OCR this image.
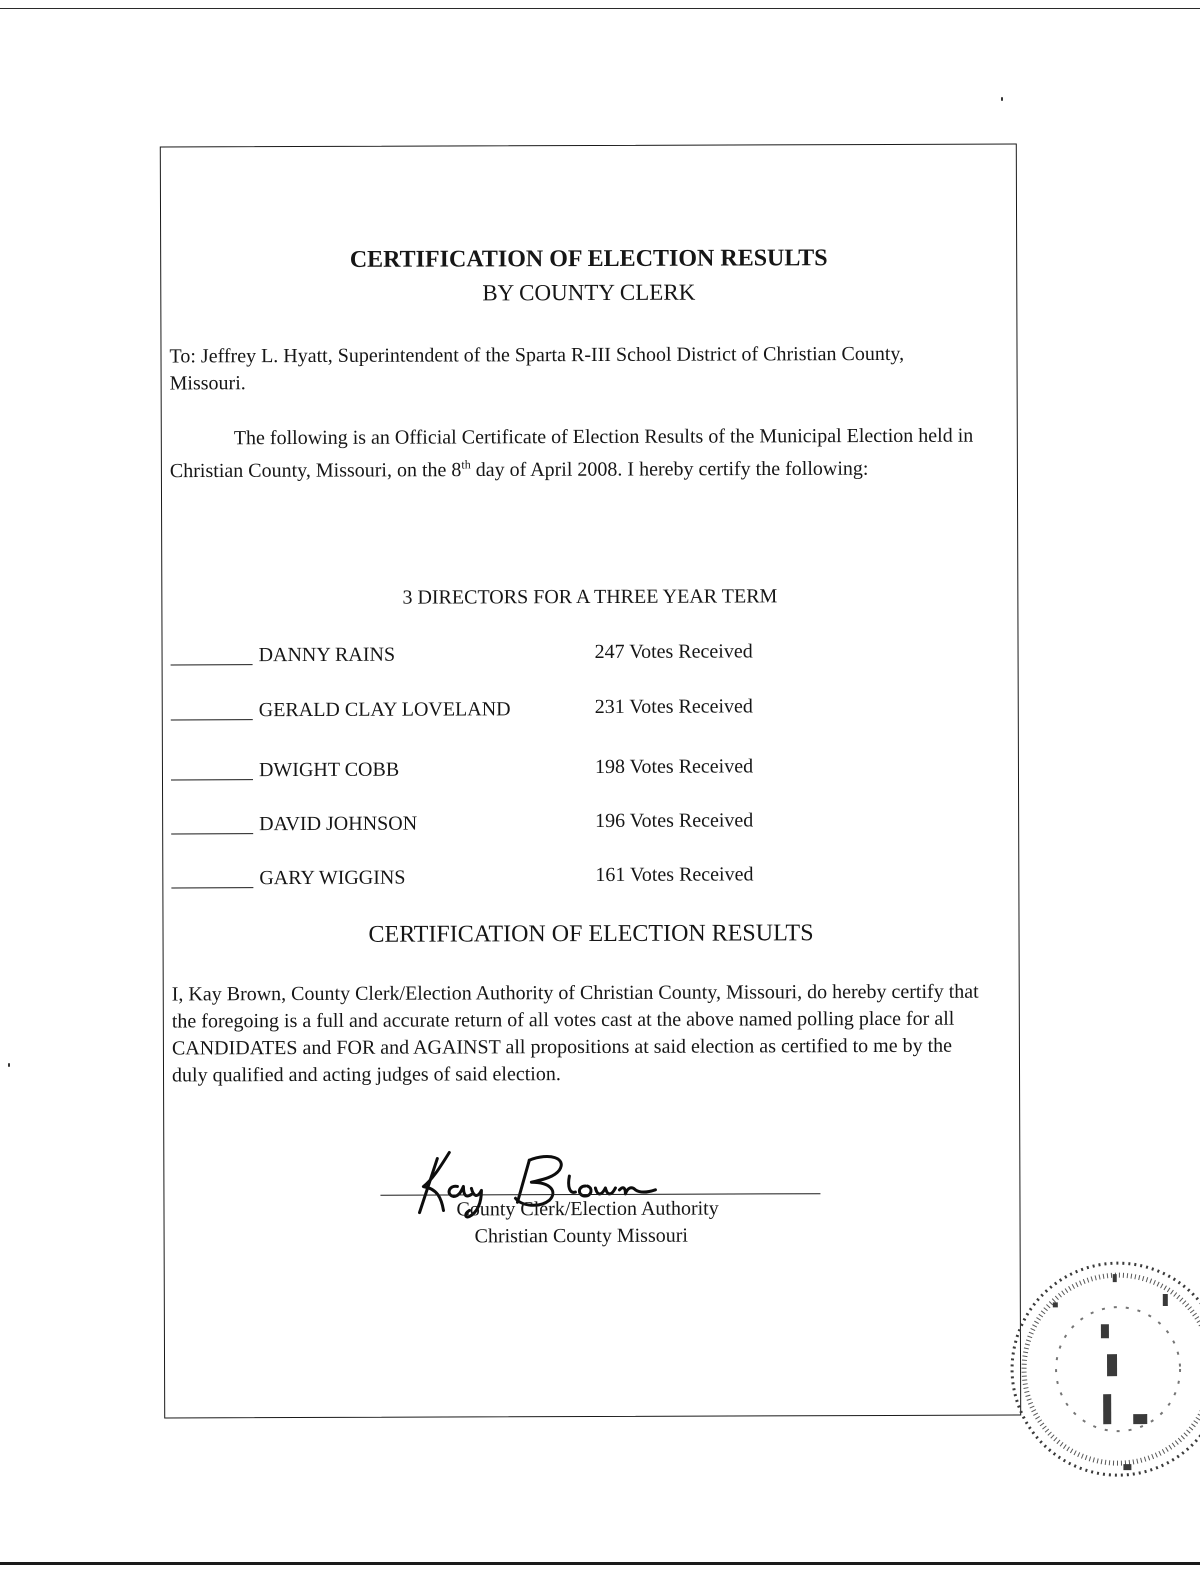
CERTIFICATION OF ELECTION RESULTS
BY COUNTY CLERK
To: Jeffrey L. Hyatt, Superintendent of the Sparta R-III School District of Christian County, Missouri.
The following is an Official Certificate of Election Results of the Municipal Election held in Christian County, Missouri, on the 8th day of April 2008. I hereby certify the following:
3 DIRECTORS FOR A THREE YEAR TERM
DANNY RAINS	247 Votes Received
GERALD CLAY LOVELAND	231 Votes Received
DWIGHT COBB	198 Votes Received
DAVID JOHNSON	196 Votes Received
GARY WIGGINS	161 Votes Received
CERTIFICATION OF ELECTION RESULTS
I, Kay Brown, County Clerk/Election Authority of Christian County, Missouri, do hereby certify that the foregoing is a full and accurate return of all votes cast at the above named polling place for all CANDIDATES and FOR and AGAINST all propositions at said election as certified to me by the duly qualified and acting judges of said election.
County Clerk/Election Authority
Christian County Missouri
